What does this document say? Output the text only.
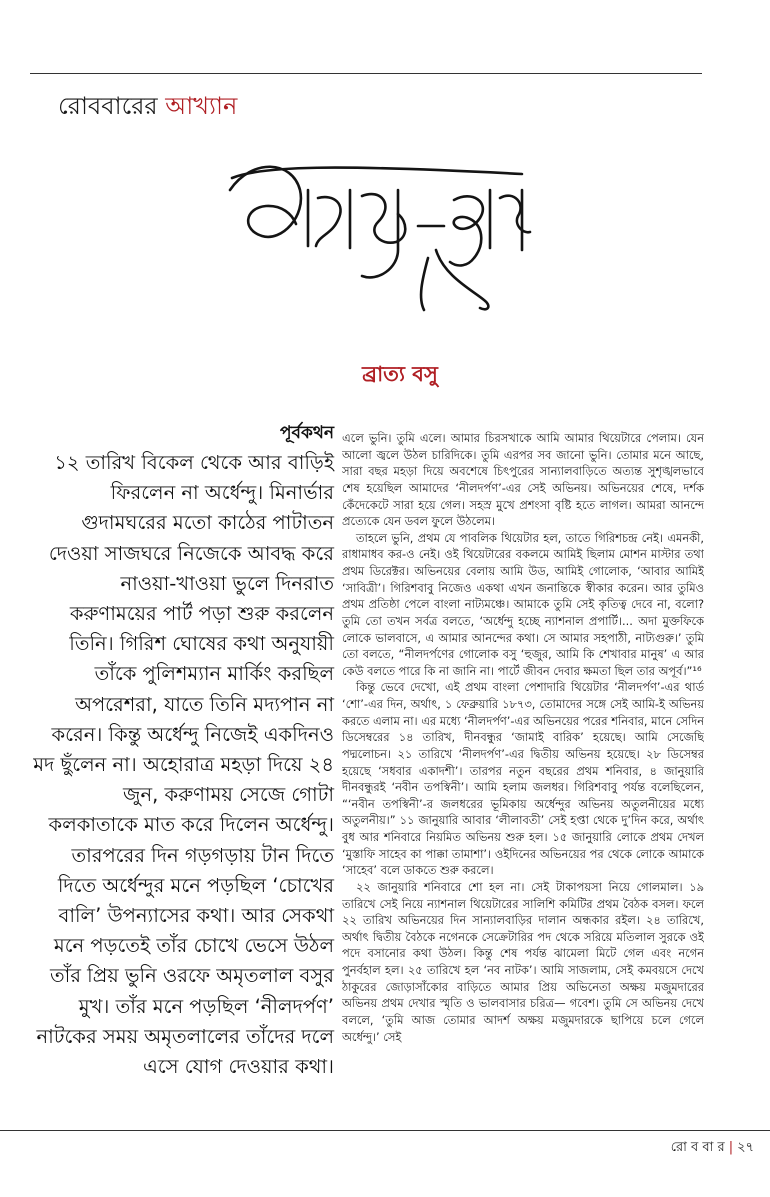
রোববারের আখ্যান
অদামৃত-কথা
ব্রাত্য বসু
পূর্বকথন

১২ তারিখ বিকেল থেকে আর বাড়িই ফিরলেন না অর্ধেন্দু। মিনার্ভার গুদামঘরের মতো কাঠের পাটাতন দেওয়া সাজঘরে নিজেকে আবদ্ধ করে নাওয়া-খাওয়া ভুলে দিনরাত করুণাময়ের পার্ট পড়া শুরু করলেন তিনি। গিরিশ ঘোষের কথা অনুযায়ী তাঁকে পুলিশম্যান মার্কিং করছিল অপরেশরা, যাতে তিনি মদ্যপান না করেন। কিন্তু অর্ধেন্দু নিজেই একদিনও মদ ছুঁলেন না। অহোরাত্র মহড়া দিয়ে ২৪ জুন, করুণাময় সেজে গোটা কলকাতাকে মাত করে দিলেন অর্ধেন্দু। তারপরের দিন গড়গড়ায় টান দিতে দিতে অর্ধেন্দুর মনে পড়ছিল ‘চোখের বালি’ উপন্যাসের কথা। আর সেকথা মনে পড়তেই তাঁর চোখে ভেসে উঠল তাঁর প্রিয় ভুনি ওরফে অমৃতলাল বসুর মুখ। তাঁর মনে পড়ছিল ‘নীলদর্পণ’ নাটকের সময় অমৃতলালের তাঁদের দলে এসে যোগ দেওয়ার কথা।

এলে ভুনি। তুমি এলে। আমার চিরসখাকে আমি আমার থিয়েটারে পেলাম। যেন আলো জ্বলে উঠল চারিদিকে। তুমি এরপর সব জানো ভুনি। তোমার মনে আছে, সারা বছর মহড়া দিয়ে অবশেষে চিৎপুরের সান্যালবাড়িতে অত্যন্ত সুশৃঙ্খলভাবে শেষ হয়েছিল আমাদের ‘নীলদর্পণ’-এর সেই অভিনয়। অভিনয়ের শেষে, দর্শক কেঁদেকেটে সারা হয়ে গেল। সহস্র মুখে প্রশংসা বৃষ্টি হতে লাগল। আমরা আনন্দে প্রত্যেকে যেন ডবল ফুলে উঠলেম।

তাহলে ভুনি, প্রথম যে পাবলিক থিয়েটার হল, তাতে গিরিশচন্দ্র নেই। এমনকী, রাধামাধব কর-ও নেই। ওই থিয়েটারের বকলমে আমিই ছিলাম মোশন মাস্টার তথা প্রথম ডিরেক্টর। অভিনয়ের বেলায় আমি উড, আমিই গোলোক, ‘আবার আমিই ‘সাবিত্রী’। গিরিশবাবু নিজেও একথা এখন জনান্তিকে স্বীকার করেন। আর তুমিও প্রথম প্রতিষ্ঠা পেলে বাংলা নাট্যমঞ্চে। আমাকে তুমি সেই কৃতিত্ব দেবে না, বলো? তুমি তো তখন সর্বত্র বলতে, ‘অর্ধেন্দু হচ্ছে ন্যাশনাল প্রপার্টি।... অদা মুক্তফিকে লোকে ভালবাসে, এ আমার আনন্দের কথা। সে আমার সহপাঠী, নাট্যগুরু।’ তুমি তো বলতে, “নীলদর্পণের গোলোক বসু ‘হুজুর, আমি কি শেখাবার মানুষ’ এ আর কেউ বলতে পারে কি না জানি না। পার্টে জীবন দেবার ক্ষমতা ছিল তার অপূর্ব।”¹⁶

কিন্তু ভেবে দেখো, এই প্রথম বাংলা পেশাদারি থিয়েটার ‘নীলদর্পণ’-এর থার্ড ‘শো’-এর দিন, অর্থাৎ, ১ ফেব্রুয়ারি ১৮৭৩, তোমাদের সঙ্গে সেই আমি-ই অভিনয় করতে এলাম না। এর মধ্যে ‘নীলদর্পণ’-এর অভিনয়ের পরের শনিবার, মানে সেদিন ডিসেম্বরের ১৪ তারিখ, দীনবন্ধুর ‘জামাই বারিক’ হয়েছে। আমি সেজেছি পদ্মলোচন। ২১ তারিখে ‘নীলদর্পণ’-এর দ্বিতীয় অভিনয় হয়েছে। ২৮ ডিসেম্বর হয়েছে ‘সধবার একাদশী’। তারপর নতুন বছরের প্রথম শনিবার, ৪ জানুয়ারি দীনবন্ধুরই ‘নবীন তপস্বিনী’। আমি হলাম জলধর। গিরিশবাবু পর্যন্ত বলেছিলেন, “‘নবীন তপস্বিনী’-র জলধরের ভূমিকায় অর্ধেন্দুর অভিনয় অতুলনীয়ের মধ্যে অতুলনীয়।” ১১ জানুয়ারি আবার ‘লীলাবতী’ সেই হপ্তা থেকে দু’দিন করে, অর্থাৎ বুধ আর শনিবারে নিয়মিত অভিনয় শুরু হল। ১৫ জানুয়ারি লোকে প্রথম দেখল ‘মুস্তাফি সাহেব কা পাক্কা তামাশা’। ওইদিনের অভিনয়ের পর থেকে লোকে আমাকে ‘সাহেব’ বলে ডাকতে শুরু করলে।

২২ জানুয়ারি শনিবারে শো হল না। সেই টাকাপয়সা নিয়ে গোলমাল। ১৯ তারিখে সেই নিয়ে ন্যাশনাল থিয়েটারের সালিশি কমিটির প্রথম বৈঠক বসল। ফলে ২২ তারিখ অভিনয়ের দিন সান্যালবাড়ির দালান অন্ধকার রইল। ২৪ তারিখে, অর্থাৎ দ্বিতীয় বৈঠকে নগেনকে সেক্রেটারির পদ থেকে সরিয়ে মতিলাল সুরকে ওই পদে বসানোর কথা উঠল। কিন্তু শেষ পর্যন্ত ঝামেলা মিটে গেল এবং নগেন পুনর্বহাল হল। ২৫ তারিখে হল ‘নব নাটক’। আমি সাজলাম, সেই কমবয়সে দেখে ঠাকুরের জোড়াসাঁকোর বাড়িতে আমার প্রিয় অভিনেতা অক্ষয় মজুমদারের অভিনয় প্রথম দেখার স্মৃতি ও ভালবাসার চরিত্র— গবেশ। তুমি সে অভিনয় দেখে বললে, ‘তুমি আজ তোমার আদর্শ অক্ষয় মজুমদারকে ছাপিয়ে চলে গেলে অর্ধেন্দু।’ সেই

রো ব বা র | ২৭
